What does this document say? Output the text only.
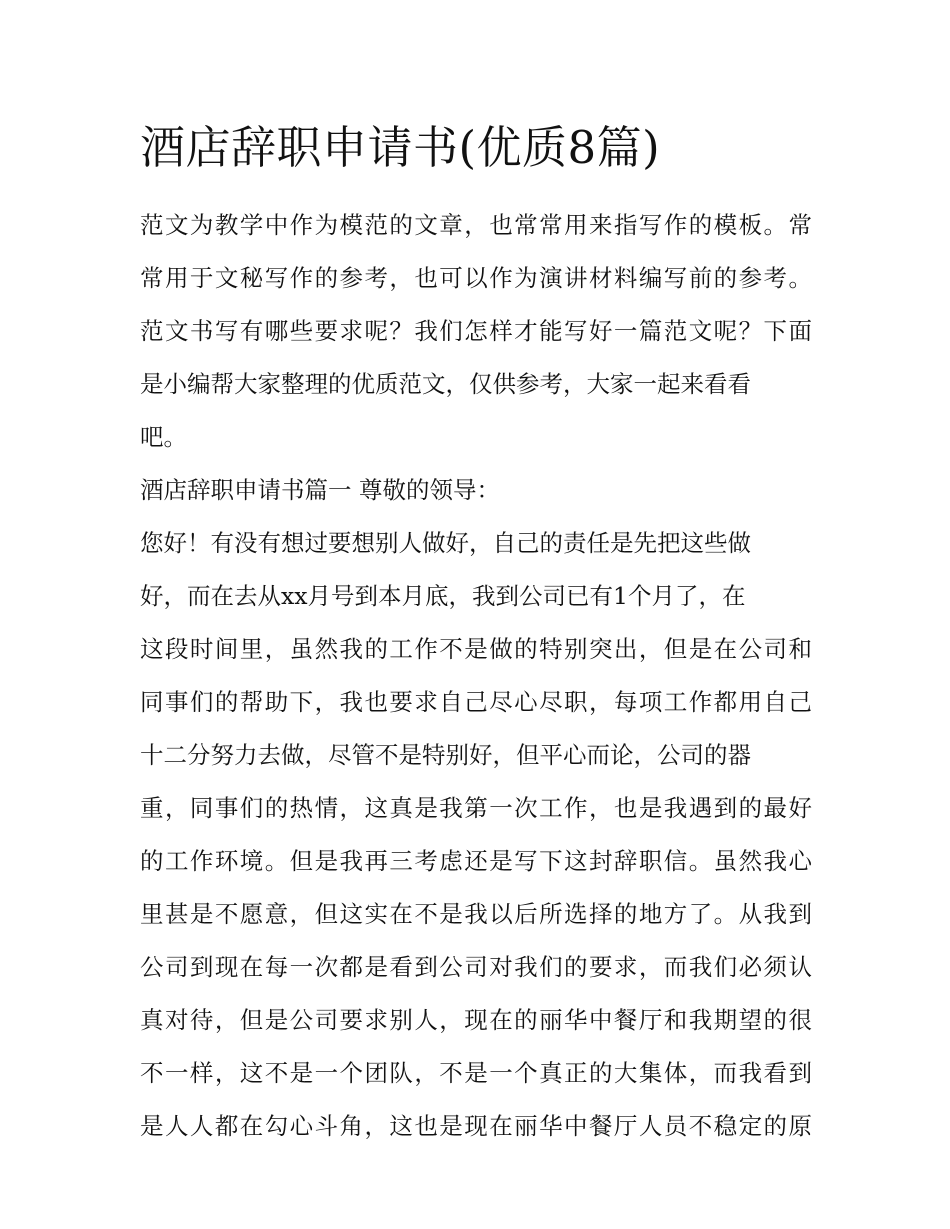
酒店辞职申请书(优质8篇)
范文为教学中作为模范的文章，也常常用来指写作的模板。常
常用于文秘写作的参考，也可以作为演讲材料编写前的参考。
范文书写有哪些要求呢？我们怎样才能写好一篇范文呢？下面
是小编帮大家整理的优质范文，仅供参考，大家一起来看看
吧。
酒店辞职申请书篇一 尊敬的领导：
您好！有没有想过要想别人做好，自己的责任是先把这些做
好，而在去从xx月号到本月底，我到公司已有1个月了，在
这段时间里，虽然我的工作不是做的特别突出，但是在公司和
同事们的帮助下，我也要求自己尽心尽职，每项工作都用自己
十二分努力去做，尽管不是特别好，但平心而论，公司的器
重，同事们的热情，这真是我第一次工作，也是我遇到的最好
的工作环境。但是我再三考虑还是写下这封辞职信。虽然我心
里甚是不愿意，但这实在不是我以后所选择的地方了。从我到
公司到现在每一次都是看到公司对我们的要求，而我们必须认
真对待，但是公司要求别人，现在的丽华中餐厅和我期望的很
不一样，这不是一个团队，不是一个真正的大集体，而我看到
是人人都在勾心斗角，这也是现在丽华中餐厅人员不稳定的原
